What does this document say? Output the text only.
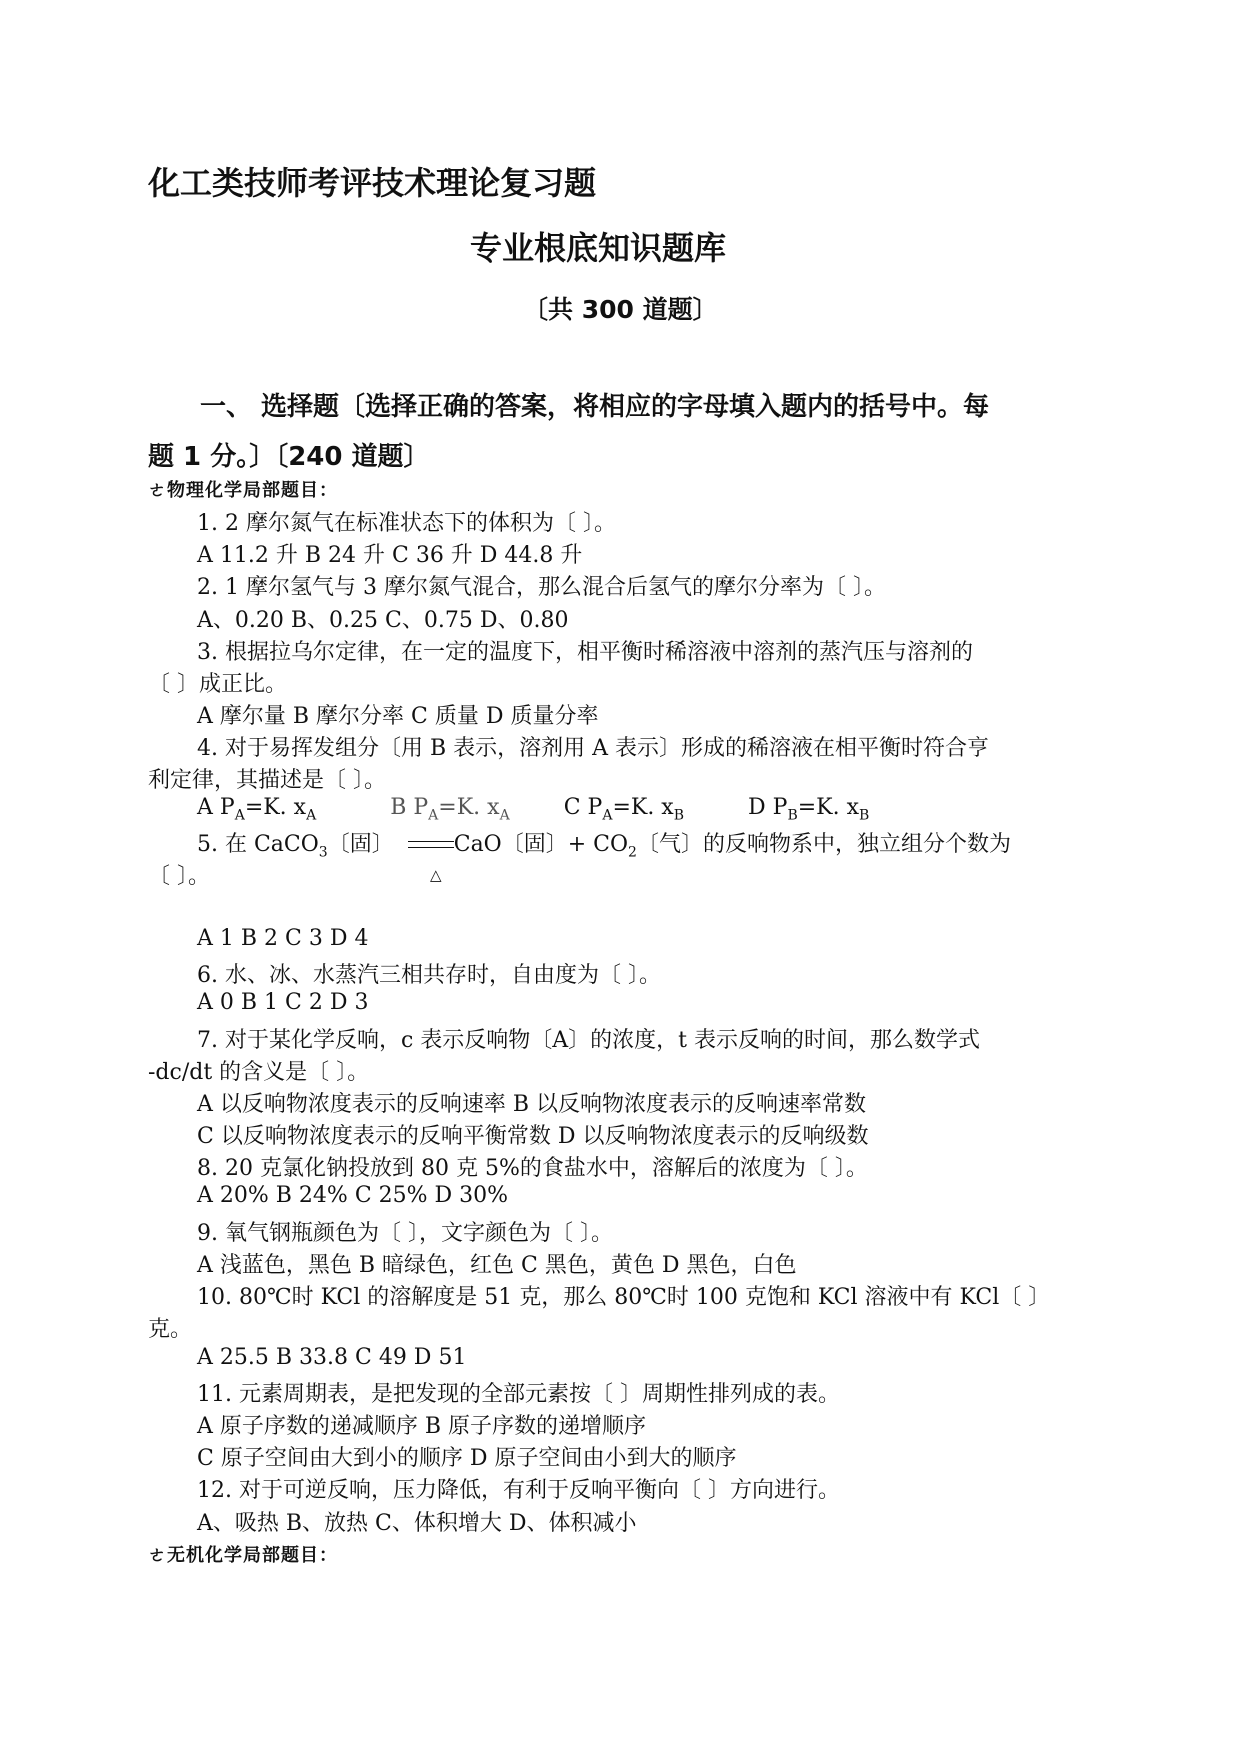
化工类技师考评技术理论复习题
专业根底知识题库
〔共 300 道题〕
一、 选择题〔选择正确的答案，将相应的字母填入题内的括号中。每
题 1 分。〕〔240 道题〕
ㄜ物理化学局部题目：
ㄜ无机化学局部题目：
1. 2 摩尔氮气在标准状态下的体积为〔 〕。
A 11.2 升 B 24 升 C 36 升 D 44.8 升
2. 1 摩尔氢气与 3 摩尔氮气混合，那么混合后氢气的摩尔分率为〔 〕。
A、0.20 B、0.25 C、0.75 D、0.80
3. 根据拉乌尔定律，在一定的温度下，相平衡时稀溶液中溶剂的蒸汽压与溶剂的
〔 〕成正比。
A 摩尔量 B 摩尔分率 C 质量 D 质量分率
4. 对于易挥发组分〔用 B 表示，溶剂用 A 表示〕形成的稀溶液在相平衡时符合亨
利定律，其描述是〔 〕。
6. 水、冰、水蒸汽三相共存时，自由度为〔 〕。
A 0 B 1 C 2 D 3
7. 对于某化学反响，c 表示反响物〔A〕的浓度，t 表示反响的时间，那么数学式
-dc/dt 的含义是〔 〕。
A 以反响物浓度表示的反响速率 B 以反响物浓度表示的反响速率常数
C 以反响物浓度表示的反响平衡常数 D 以反响物浓度表示的反响级数
8. 20 克氯化钠投放到 80 克 5%的食盐水中，溶解后的浓度为〔 〕。
A 20% B 24% C 25% D 30%
9. 氧气钢瓶颜色为〔 〕，文字颜色为〔 〕。
A 浅蓝色，黑色 B 暗绿色，红色 C 黑色，黄色 D 黑色，白色
10. 80℃时 KCl 的溶解度是 51 克，那么 80℃时 100 克饱和 KCl 溶液中有 KCl〔 〕
克。
A 25.5 B 33.8 C 49 D 51
11. 元素周期表，是把发现的全部元素按〔 〕周期性排列成的表。
A 原子序数的递减顺序 B 原子序数的递增顺序
C 原子空间由大到小的顺序 D 原子空间由小到大的顺序
12. 对于可逆反响，压力降低，有利于反响平衡向〔 〕方向进行。
A、吸热 B、放热 C、体积增大 D、体积减小
A $P_A=K$. $x_A$	B $P_A=K$. $x_A$ C $P_A=K$. $x_B$	D $P_B=K$. $x_B$
5. 在 CaCO$_3$〔固〕	CaO〔固〕+ $CO_2$〔气〕的反响物系中，独立组分个数为
△
〔 〕。
A 1 B 2 C 3 D 4
